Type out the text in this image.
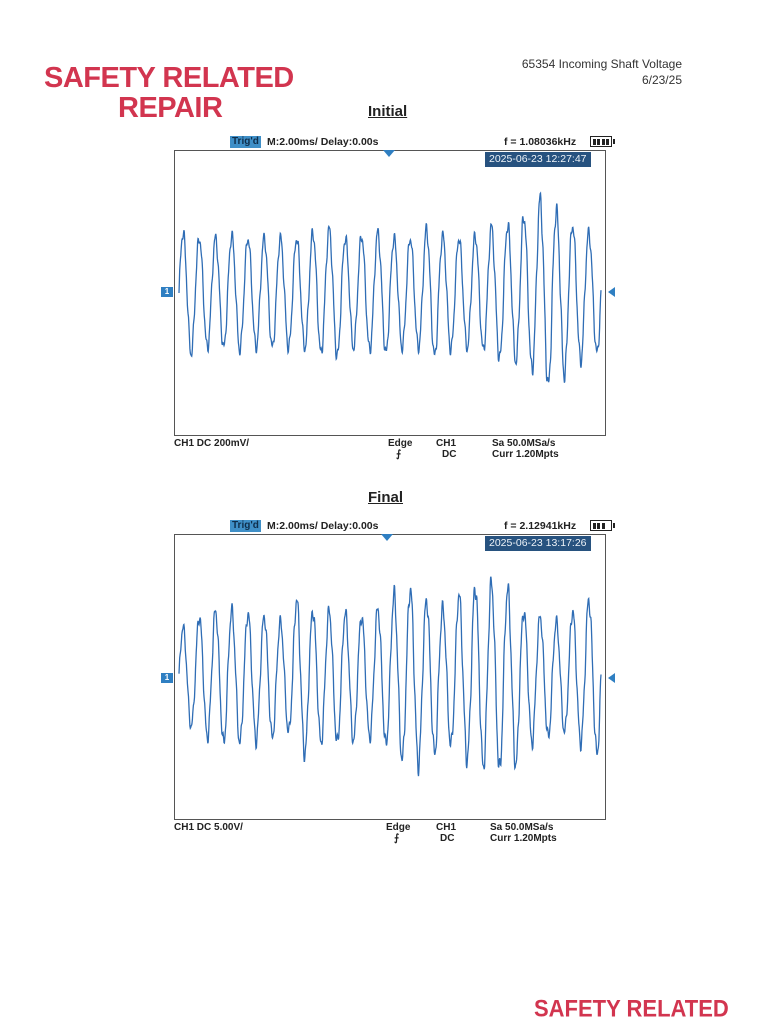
SAFETY RELATED
REPAIR
SAFETY RELATED
65354 Incoming Shaft Voltage
6/23/25
Initial
Trig'd M:2.00ms/ Delay:0.00s	f = 1.08036kHz
2025-06-23 12:27:47
1
CH1 DC 200mV/	Edge
⨍
CH1
DC
Sa 50.0MSa/s
Curr 1.20Mpts
Final
Trig'd M:2.00ms/ Delay:0.00s	f = 2.12941kHz
2025-06-23 13:17:26
1
CH1 DC 5.00V/	Edge
⨍
CH1
DC
Sa 50.0MSa/s
Curr 1.20Mpts
